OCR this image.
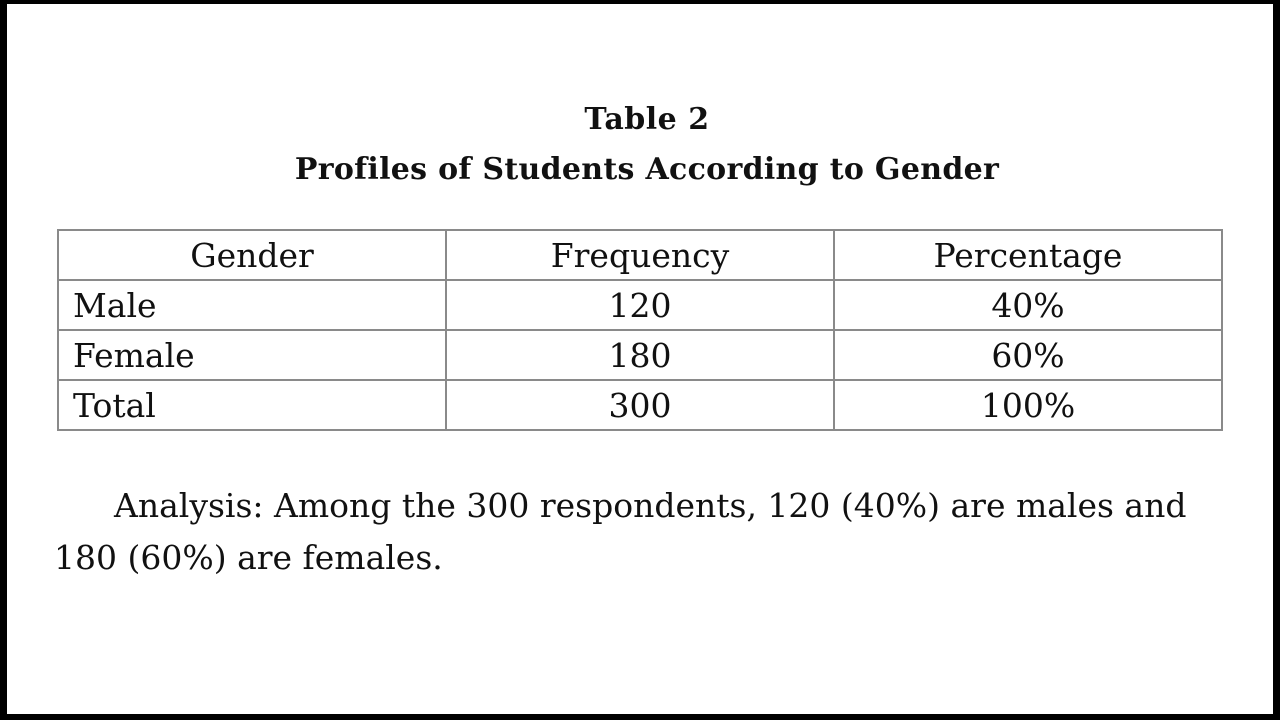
Table 2
Profiles of Students According to Gender
Gender	Frequency	Percentage
Male	120	40%
Female	180	60%
Total	300	100%

Analysis: Among the 300 respondents, 120 (40%) are males and 180 (60%) are females.
